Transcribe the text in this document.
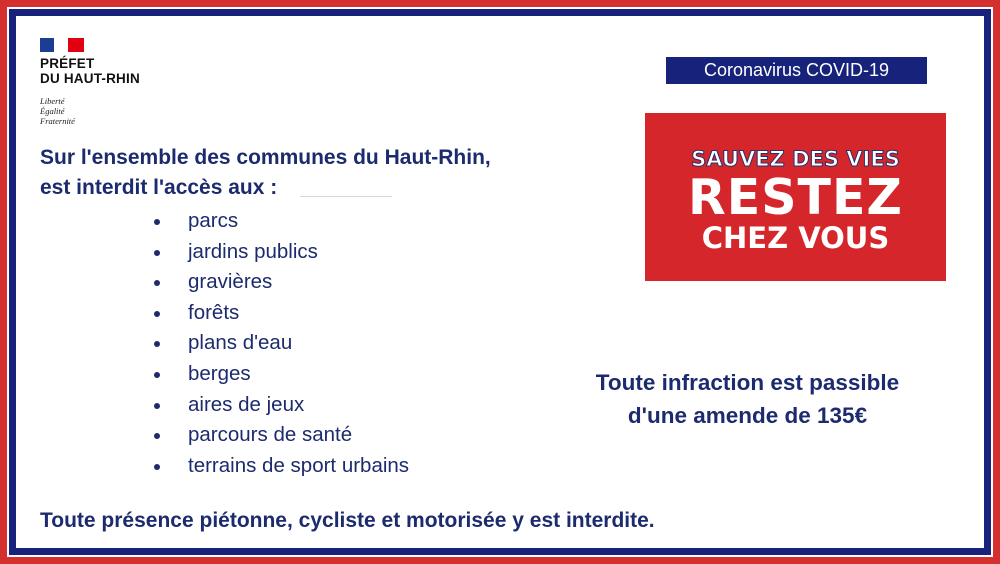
PRÉFET
DU HAUT-RHIN
Liberté
Égalité
Fraternité
Sur l'ensemble des communes du Haut-Rhin,
est interdit l'accès aux :
parcs
jardins publics
gravières
forêts
plans d'eau
berges
aires de jeux
parcours de santé
terrains de sport urbains
Coronavirus COVID-19
SAUVEZ DES VIES
RESTEZ
CHEZ VOUS
Toute infraction est passible
d'une amende de 135€
Toute présence piétonne, cycliste et motorisée y est interdite.
